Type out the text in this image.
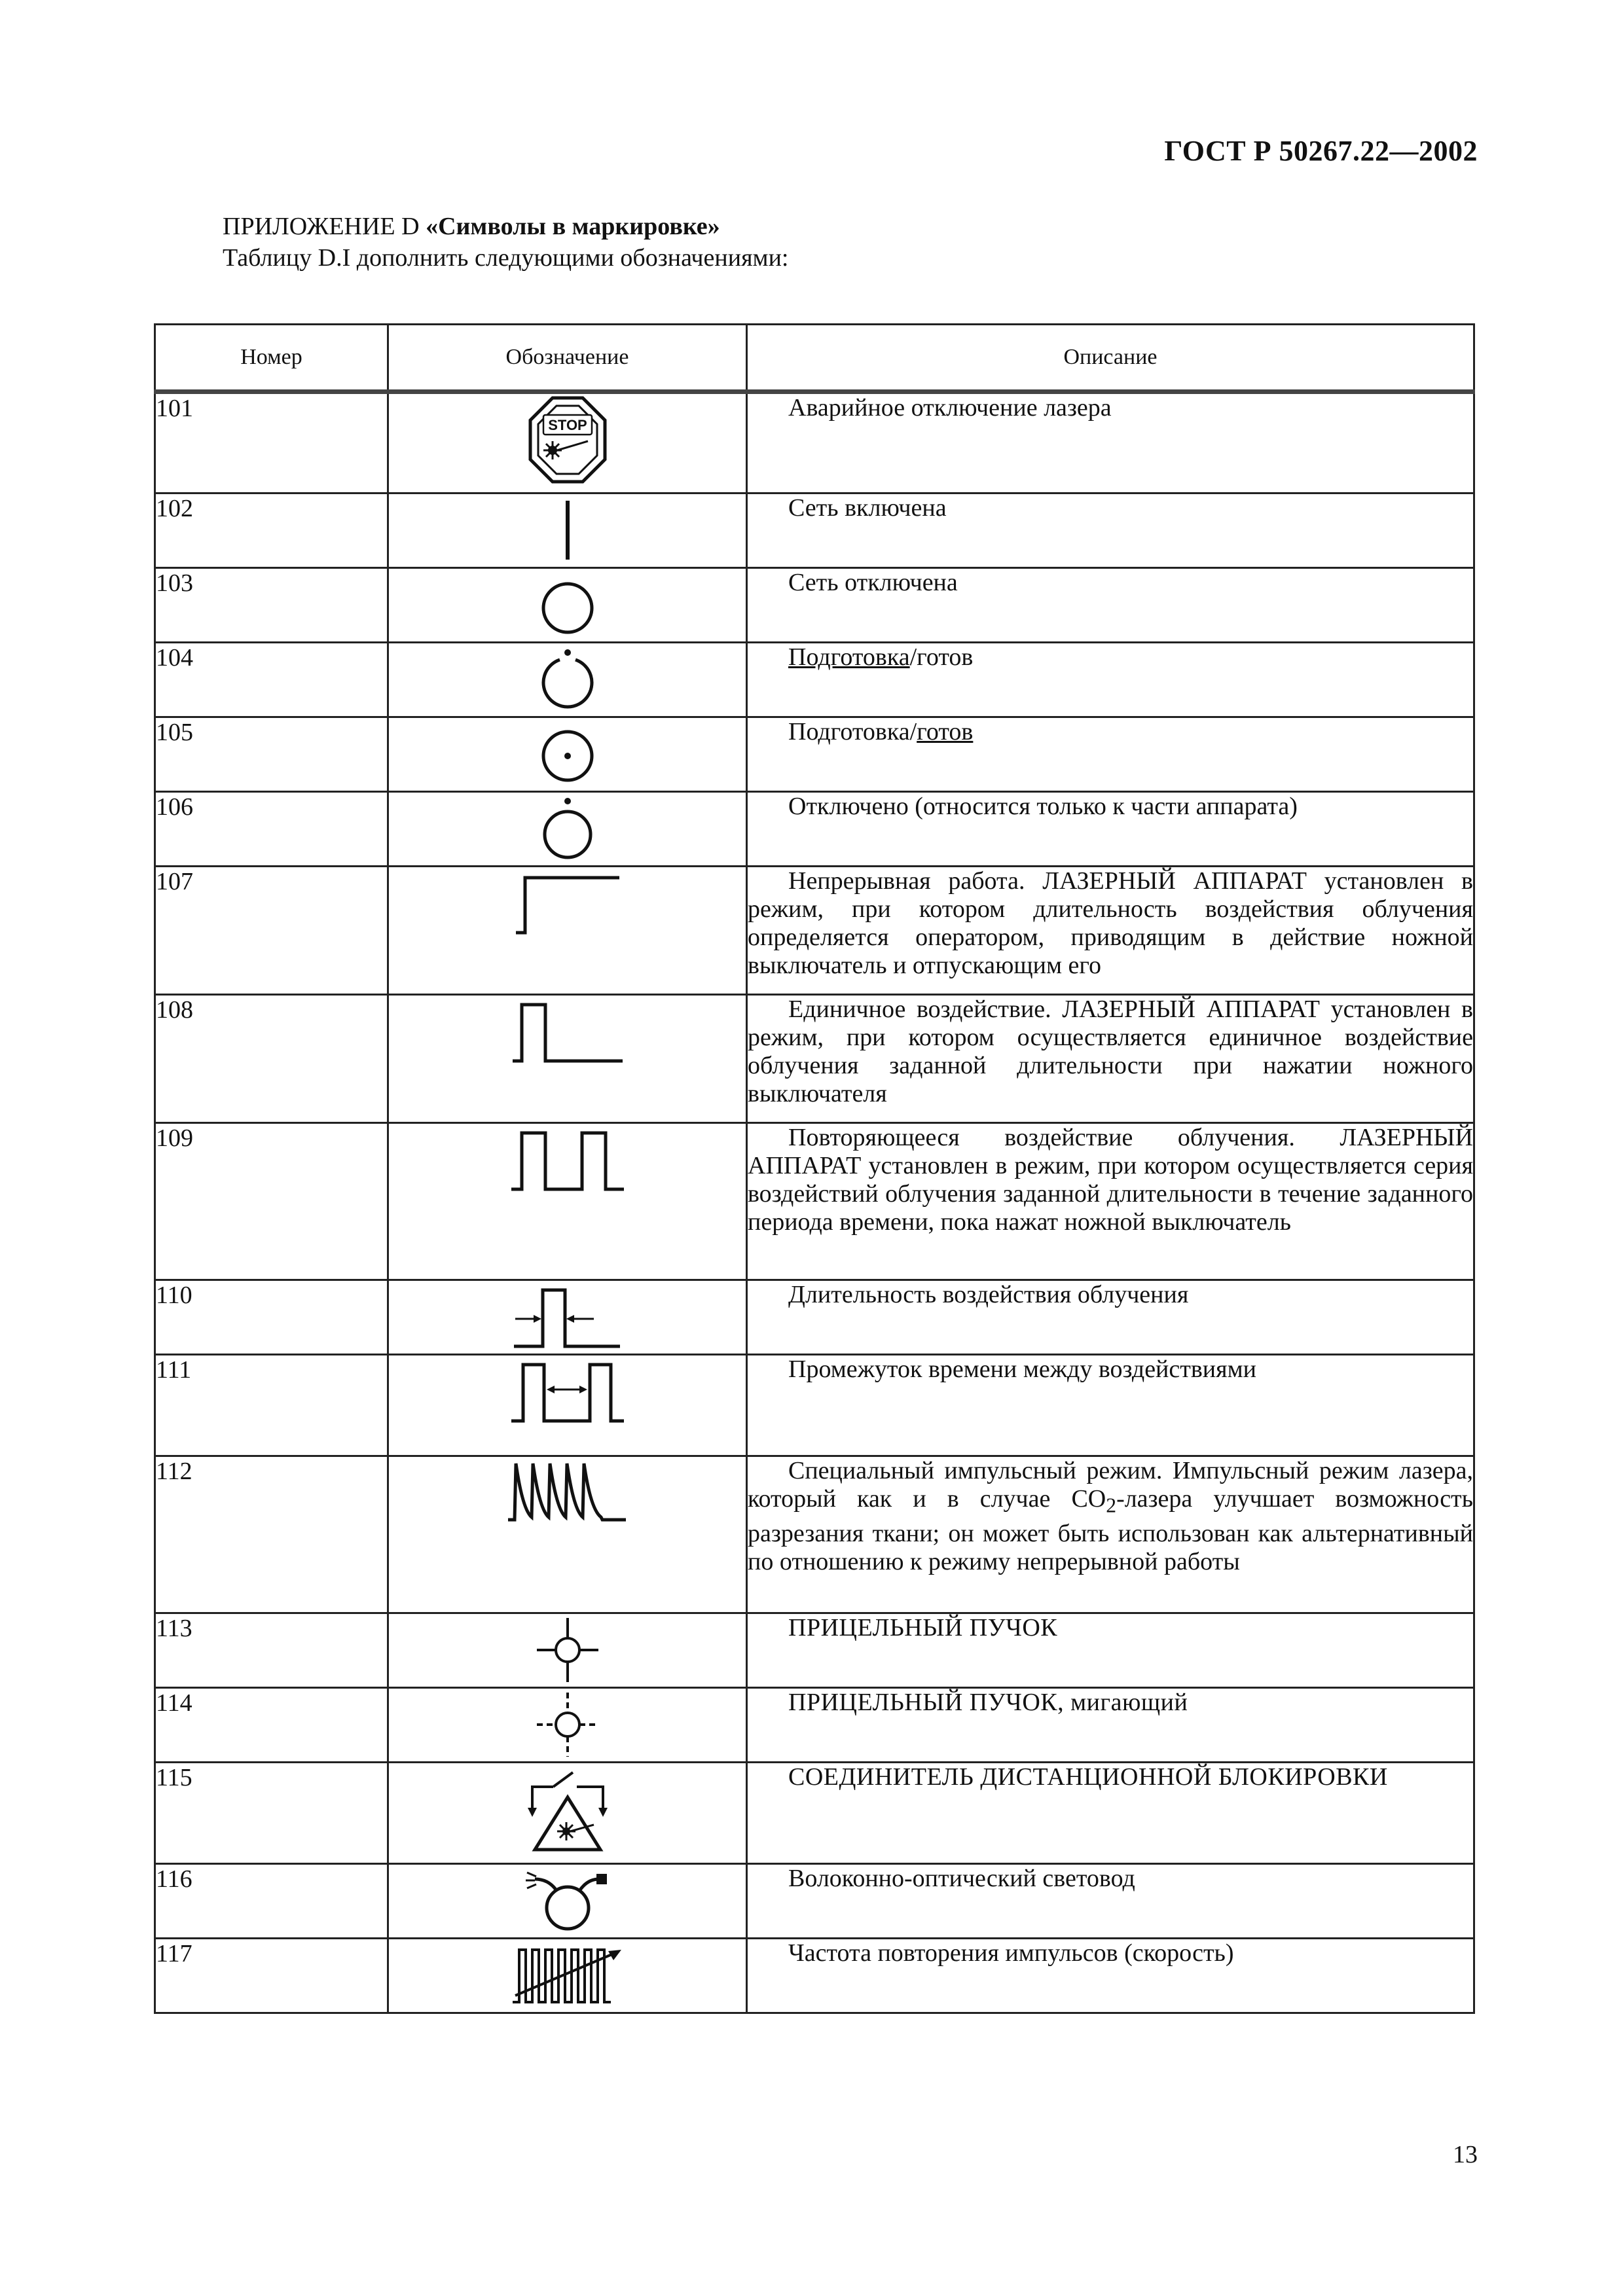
ГОСТ Р 50267.22—2002
ПРИЛОЖЕНИЕ D «Символы в маркировке»
Таблицу D.I дополнить следующими обозначениями:
Номер	Обозначение	Описание
101	STOP	Аварийное отключение лазера

102		Сеть включена

103		Сеть отключена

104		Подготовка/готов

105		Подготовка/готов

106		Отключено (относится только к части аппарата)

107		Непрерывная работа. ЛАЗЕРНЫЙ АППАРАТ установлен в режим, при котором длительность воздействия облучения определяется оператором, приводящим в действие ножной выключатель и отпускающим его

108		Единичное воздействие. ЛАЗЕРНЫЙ АППАРАТ установлен в режим, при котором осуществляется единичное воздействие облучения заданной длительности при нажатии ножного выключателя

109		Повторяющееся воздействие облучения. ЛАЗЕРНЫЙ АППАРАТ установлен в режим, при котором осуществляется серия воздействий облучения заданной длительности в течение заданного периода времени, пока нажат ножной выключатель

110		Длительность воздействия облучения

111		Промежуток времени между воздействиями

112		Специальный импульсный режим. Импульсный режим лазера, который как и в случае $CO_2$-лазера улучшает возможность разрезания ткани; он может быть использован как альтернативный по отношению к режиму непрерывной работы

113		ПРИЦЕЛЬНЫЙ ПУЧОК

114		ПРИЦЕЛЬНЫЙ ПУЧОК, мигающий

115		СОЕДИНИТЕЛЬ ДИСТАНЦИОННОЙ БЛОКИРОВКИ

116		Волоконно-оптический световод

117		Частота повторения импульсов (скорость)
13
